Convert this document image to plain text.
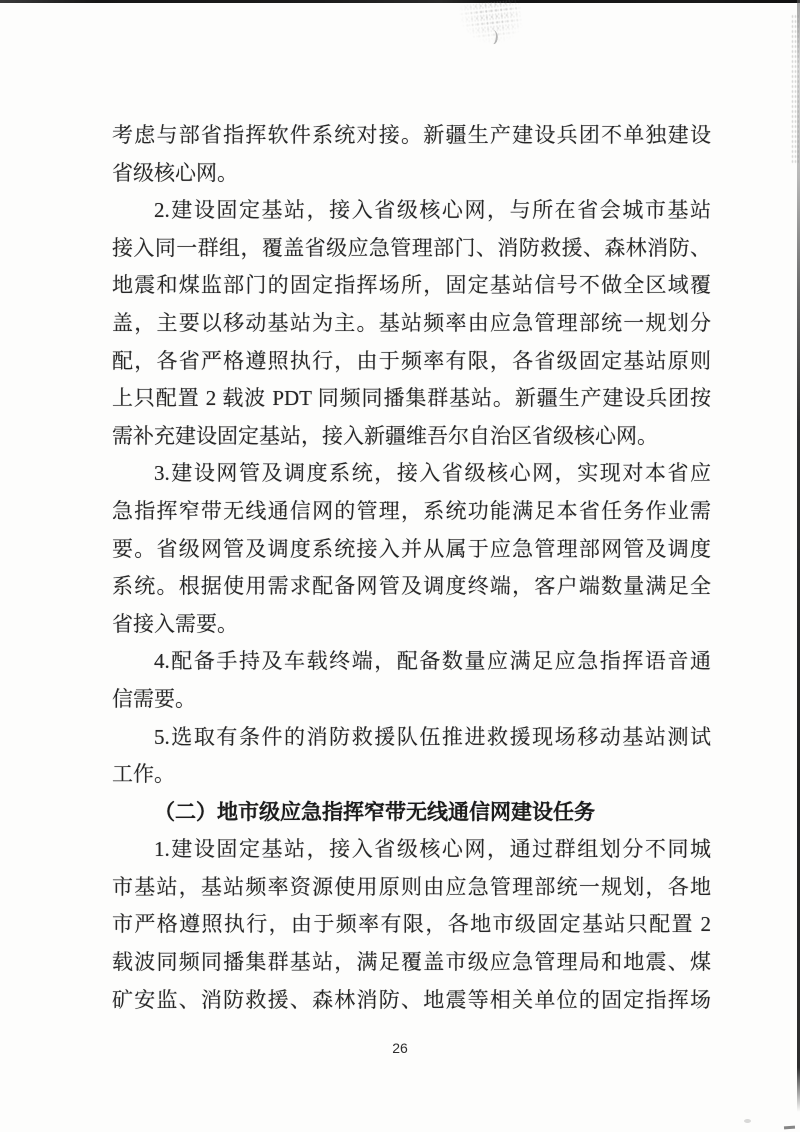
考虑与部省指挥软件系统对接。新疆生产建设兵团不单独建设

省级核心网。

2.建设固定基站，接入省级核心网，与所在省会城市基站

接入同一群组，覆盖省级应急管理部门、消防救援、森林消防、

地震和煤监部门的固定指挥场所，固定基站信号不做全区域覆

盖，主要以移动基站为主。基站频率由应急管理部统一规划分

配，各省严格遵照执行，由于频率有限，各省级固定基站原则

上只配置 2 载波 PDT 同频同播集群基站。新疆生产建设兵团按

需补充建设固定基站，接入新疆维吾尔自治区省级核心网。

3.建设网管及调度系统，接入省级核心网，实现对本省应

急指挥窄带无线通信网的管理，系统功能满足本省任务作业需

要。省级网管及调度系统接入并从属于应急管理部网管及调度

系统。根据使用需求配备网管及调度终端，客户端数量满足全

省接入需要。

4.配备手持及车载终端，配备数量应满足应急指挥语音通

信需要。

5.选取有条件的消防救援队伍推进救援现场移动基站测试

工作。

（二）地市级应急指挥窄带无线通信网建设任务

1.建设固定基站，接入省级核心网，通过群组划分不同城

市基站，基站频率资源使用原则由应急管理部统一规划，各地

市严格遵照执行，由于频率有限，各地市级固定基站只配置 2

载波同频同播集群基站，满足覆盖市级应急管理局和地震、煤

矿安监、消防救援、森林消防、地震等相关单位的固定指挥场

26
